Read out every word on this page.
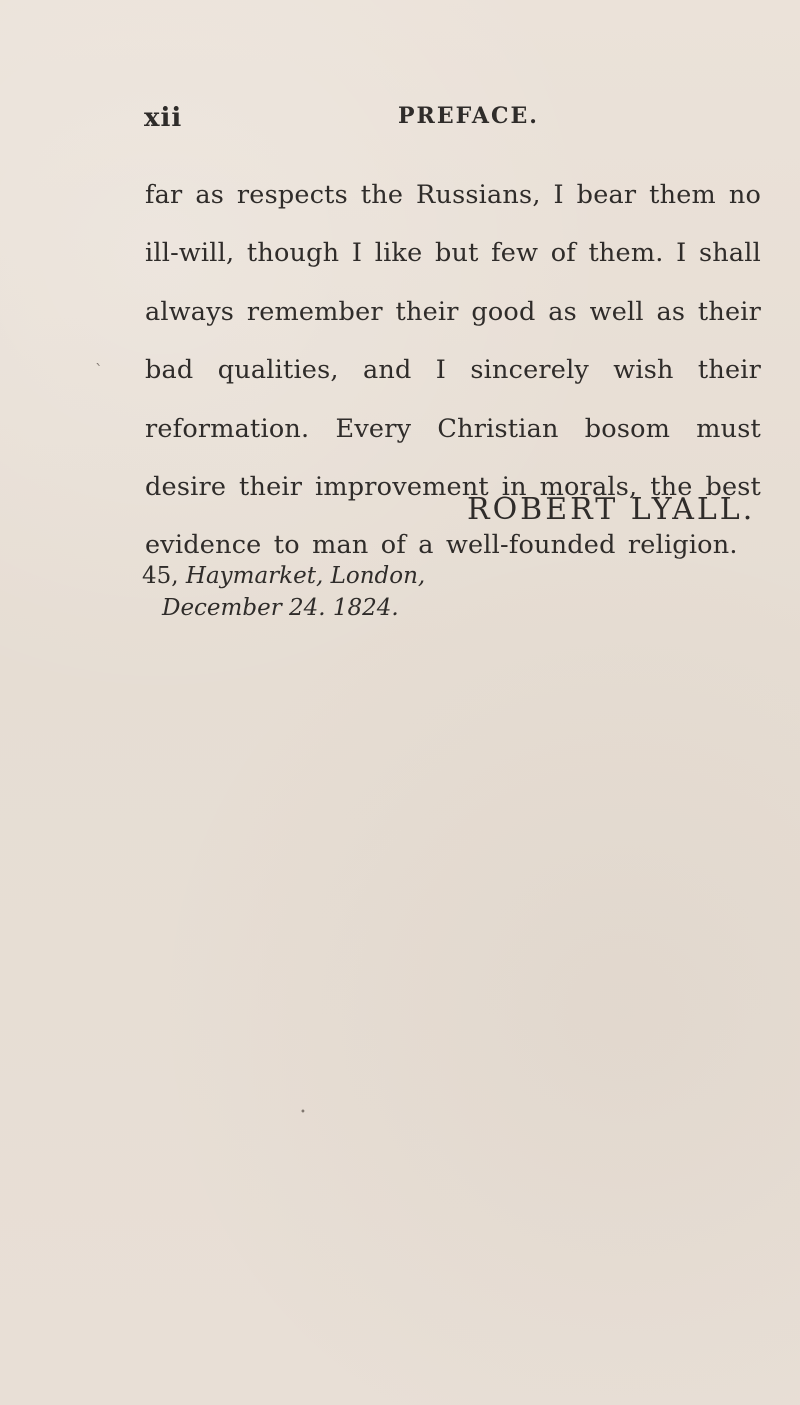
xii	PREFACE.

far as respects the Russians, I bear them no ill-will, though I like but few of them. I shall always remember their good as well as their bad qualities, and I sincerely wish their reformation. Every Christian bosom must desire their improvement in morals, the best evidence to man of a well-founded religion.

ROBERT LYALL.
45, Haymarket, London,
December 24. 1824.
`
•
